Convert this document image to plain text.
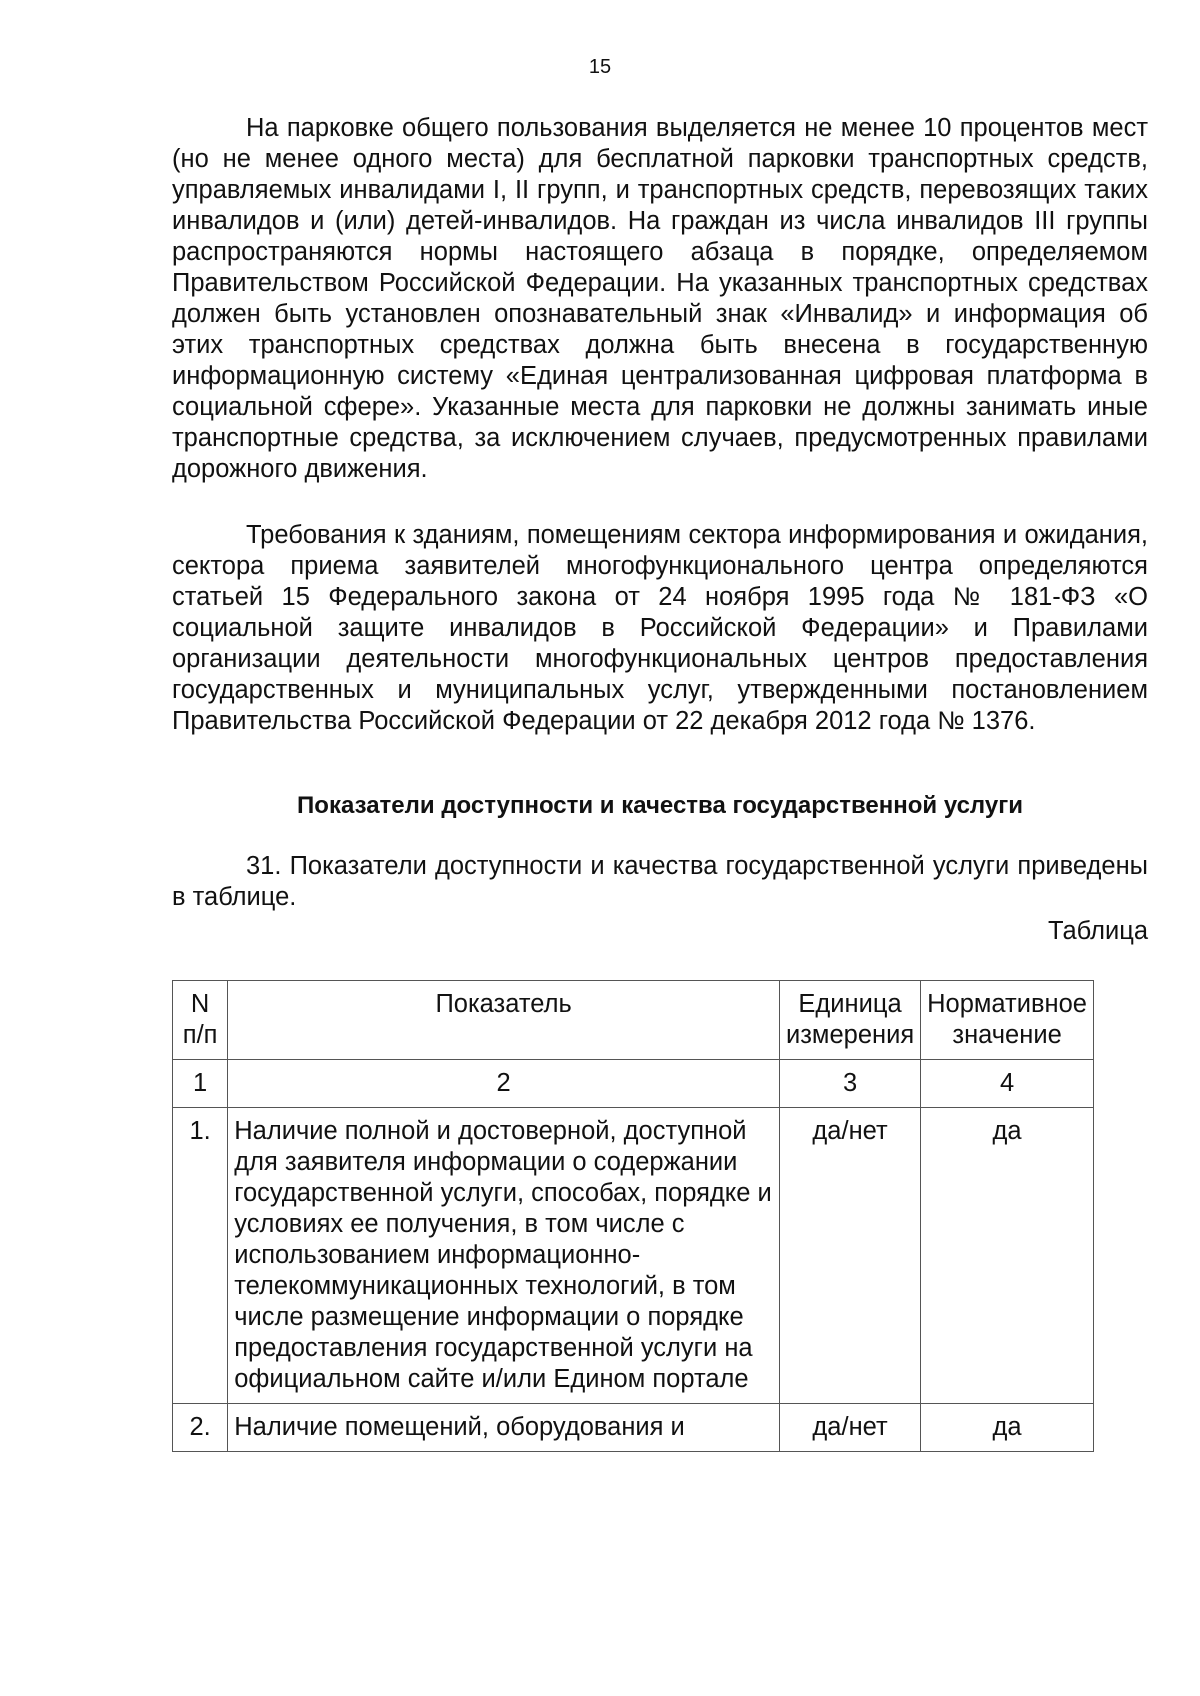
15

На парковке общего пользования выделяется не менее 10 процентов мест (но не менее одного места) для бесплатной парковки транспортных средств, управляемых инвалидами I, II групп, и транспортных средств, перевозящих таких инвалидов и (или) детей-инвалидов. На граждан из числа инвалидов III группы распространяются нормы настоящего абзаца в порядке, определяемом Правительством Российской Федерации. На указанных транспортных средствах должен быть установлен опознавательный знак «Инвалид» и информация об этих транспортных средствах должна быть внесена в государственную информационную систему «Единая централизованная цифровая платформа в социальной сфере». Указанные места для парковки не должны занимать иные транспортные средства, за исключением случаев, предусмотренных правилами дорожного движения.

Требования к зданиям, помещениям сектора информирования и ожидания, сектора приема заявителей многофункционального центра определяются статьей 15 Федерального закона от 24 ноября 1995 года № 181-ФЗ «О социальной защите инвалидов в Российской Федерации» и Правилами организации деятельности многофункциональных центров предоставления государственных и муниципальных услуг, утвержденными постановлением Правительства Российской Федерации от 22 декабря 2012 года № 1376.

Показатели доступности и качества государственной услуги

31. Показатели доступности и качества государственной услуги приведены в таблице.

Таблица
N п/п	Показатель	Единица измерения	Нормативное значение
1	2	3	4
1.	Наличие полной и достоверной, доступной для заявителя информации о содержании государственной услуги, способах, порядке и условиях ее получения, в том числе с использованием информационно-телекоммуникационных технологий, в том числе размещение информации о порядке предоставления государственной услуги на официальном сайте и/или Едином портале	да/нет	да
2.	Наличие помещений, оборудования и	да/нет	да
